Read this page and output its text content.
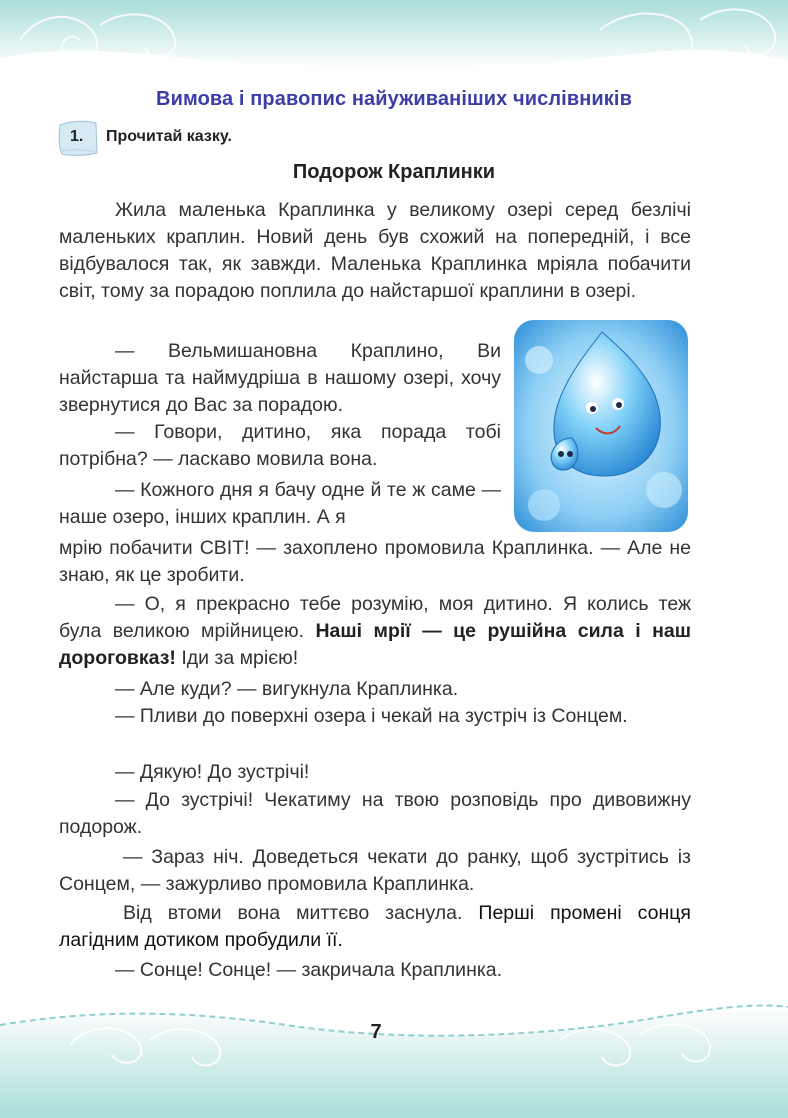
Вимова і правопис найуживаніших числівників
1. Прочитай казку.
Подорож Краплинки
Жила маленька Краплинка у великому озері серед безлічі маленьких краплин. Новий день був схожий на попередній, і все відбувалося так, як завжди. Маленька Краплинка мріяла побачити світ, тому за порадою поплила до найстаршої краплини в озері.
— Вельмишановна Краплино, Ви найстарша та наймудріша в нашому озері, хочу звернутися до Вас за порадою.
— Говори, дитино, яка порада тобі потрібна? — ласкаво мовила вона.
— Кожного дня я бачу одне й те ж саме — наше озеро, інших краплин. А я
мрію побачити СВІТ! — захоплено промовила Краплинка. — Але не знаю, як це зробити.
— О, я прекрасно тебе розумію, моя дитино. Я колись теж була великою мрійницею. Наші мрії — це рушійна сила і наш дороговказ! Іди за мрією!
— Але куди? — вигукнула Краплинка.
— Пливи до поверхні озера і чекай на зустріч із Сонцем.
— Дякую! До зустрічі!
— До зустрічі! Чекатиму на твою розповідь про дивовижну подорож.
— Зараз ніч. Доведеться чекати до ранку, щоб зустрітись із Сонцем, — зажурливо промовила Краплинка.
Від втоми вона миттєво заснула. Перші промені сонця лагідним дотиком пробудили її.
— Сонце! Сонце! — закричала Краплинка.
7
